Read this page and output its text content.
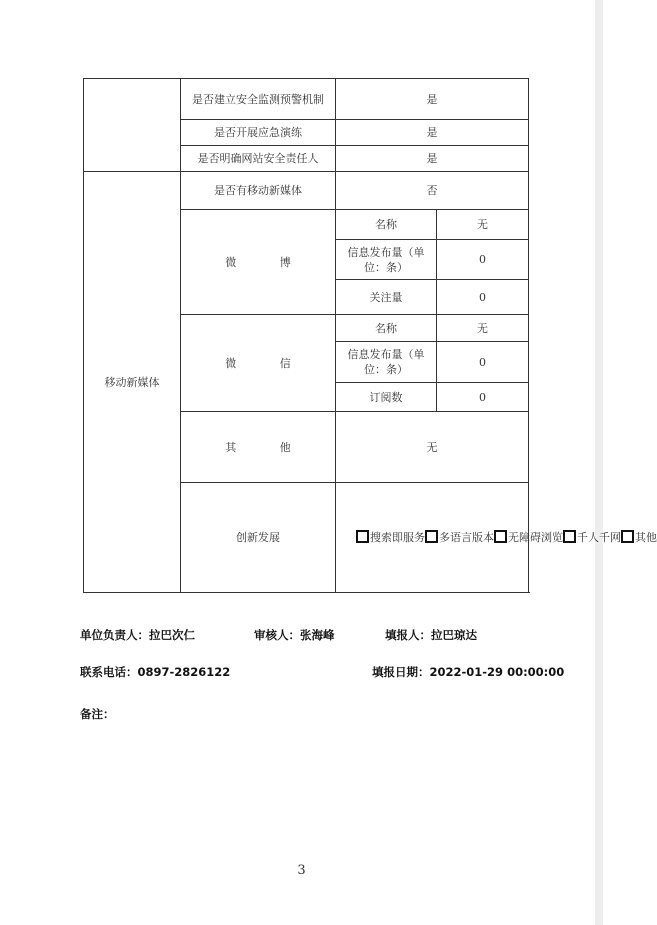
	是否建立安全监测预警机制	是	
	是否开展应急演练	是	
	是否明确网站安全责任人	是	
移动新媒体	是否有移动新媒体	否	
	微 博	名称	无
		信息发布量（单位：条）	0
		关注量	0
	微 信	名称	无
		信息发布量（单位：条）	0
		订阅数	0
	其 他	无	
	创新发展	搜索即服务 多语言版本 无障碍浏览 千人千网 其他	
单位负责人：拉巴次仁	审核人：张海峰	填报人：拉巴琼达
联系电话：0897-2826122	填报日期：2022-01-29 00:00:00
备注：
3
